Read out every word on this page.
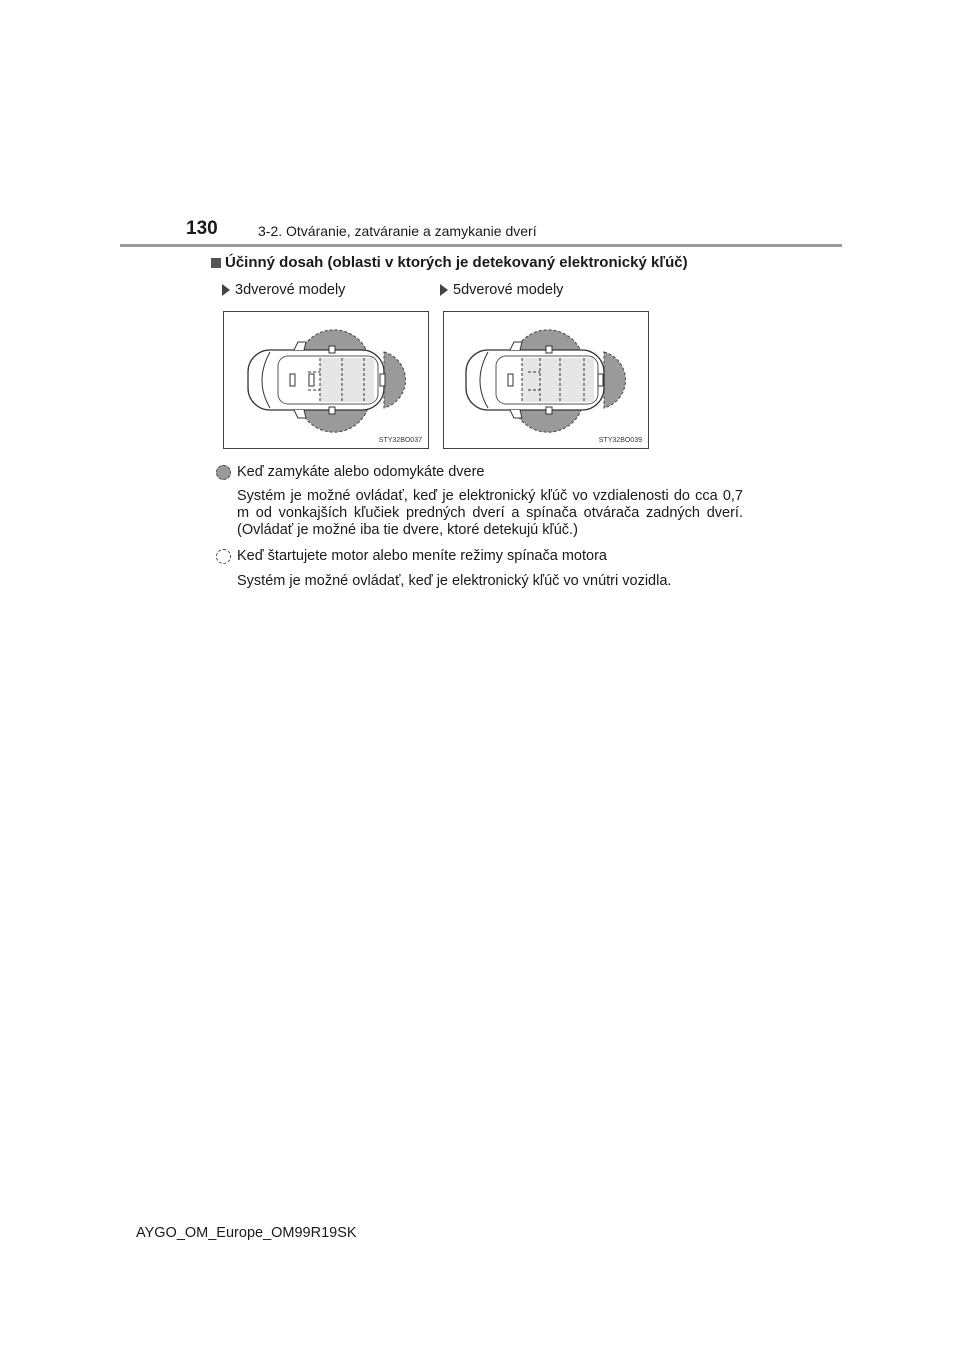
130	3-2. Otváranie, zatváranie a zamykanie dverí
Účinný dosah (oblasti v ktorých je detekovaný elektronický kľúč)
3dverové modely
STY32BO037
5dverové modely
STY32BO039
Keď zamykáte alebo odomykáte dvere
Systém je možné ovládať, keď je elektronický kľúč vo vzdialenosti do cca 0,7 m od vonkajších kľučiek predných dverí a spínača otvárača zadných dverí. (Ovládať je možné iba tie dvere, ktoré detekujú kľúč.)
Keď štartujete motor alebo meníte režimy spínača motora
Systém je možné ovládať, keď je elektronický kľúč vo vnútri vozidla.
AYGO_OM_Europe_OM99R19SK
